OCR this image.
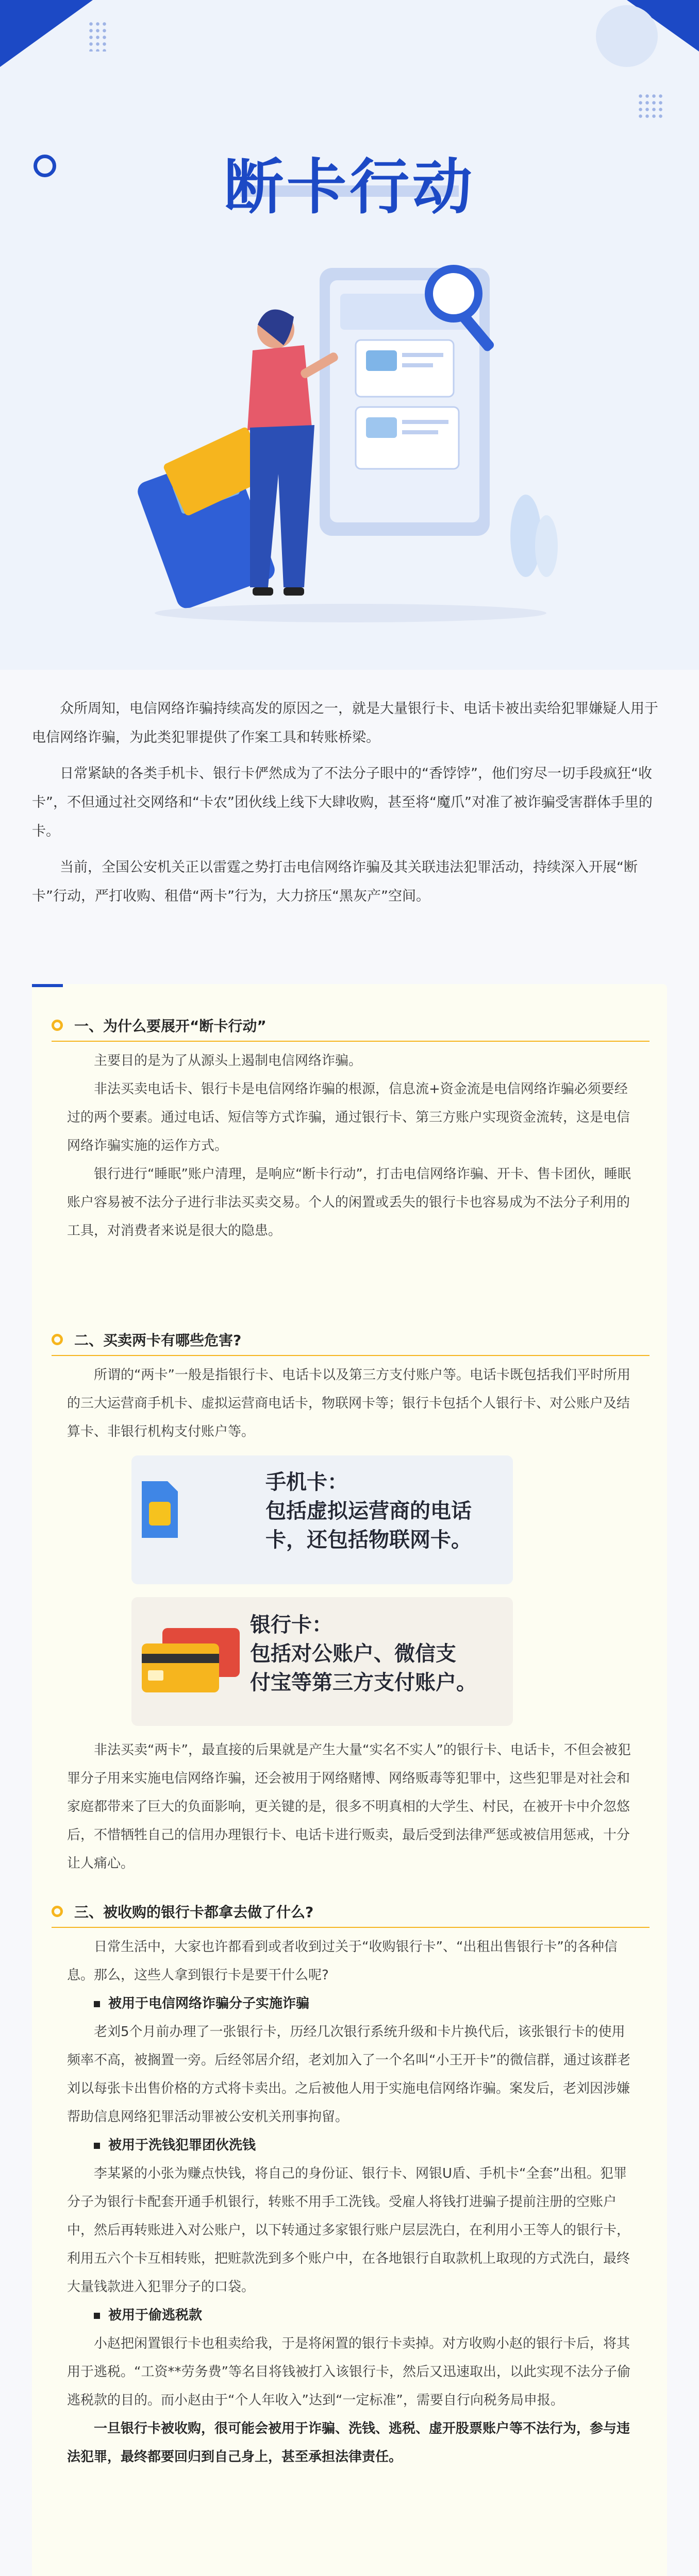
断卡行动

众所周知，电信网络诈骗持续高发的原因之一，就是大量银行卡、电话卡被出卖给犯罪嫌疑人用于电信网络诈骗，为此类犯罪提供了作案工具和转账桥梁。

日常紧缺的各类手机卡、银行卡俨然成为了不法分子眼中的“香饽饽”，他们穷尽一切手段疯狂“收卡”，不但通过社交网络和“卡农”团伙线上线下大肆收购，甚至将“魔爪”对准了被诈骗受害群体手里的卡。

当前，全国公安机关正以雷霆之势打击电信网络诈骗及其关联违法犯罪活动，持续深入开展“断卡”行动，严打收购、租借“两卡”行为，大力挤压“黑灰产”空间。

一、为什么要展开“断卡行动”

主要目的是为了从源头上遏制电信网络诈骗。

非法买卖电话卡、银行卡是电信网络诈骗的根源，信息流+资金流是电信网络诈骗必须要经过的两个要素。通过电话、短信等方式诈骗，通过银行卡、第三方账户实现资金流转，这是电信网络诈骗实施的运作方式。

银行进行“睡眠”账户清理，是响应“断卡行动”，打击电信网络诈骗、开卡、售卡团伙，睡眠账户容易被不法分子进行非法买卖交易。个人的闲置或丢失的银行卡也容易成为不法分子利用的工具，对消费者来说是很大的隐患。

二、买卖两卡有哪些危害?

所谓的“两卡”一般是指银行卡、电话卡以及第三方支付账户等。电话卡既包括我们平时所用的三大运营商手机卡、虚拟运营商电话卡，物联网卡等；银行卡包括个人银行卡、对公账户及结算卡、非银行机构支付账户等。

手机卡：
包括虚拟运营商的电话
卡，还包括物联网卡。
银行卡：
包括对公账户、微信支
付宝等第三方支付账户。

非法买卖“两卡”，最直接的后果就是产生大量“实名不实人”的银行卡、电话卡，不但会被犯罪分子用来实施电信网络诈骗，还会被用于网络赌博、网络贩毒等犯罪中，这些犯罪是对社会和家庭都带来了巨大的负面影响，更关键的是，很多不明真相的大学生、村民，在被开卡中介忽悠后，不惜牺牲自己的信用办理银行卡、电话卡进行贩卖，最后受到法律严惩或被信用惩戒，十分让人痛心。

三、被收购的银行卡都拿去做了什么?

日常生活中，大家也许都看到或者收到过关于“收购银行卡”、“出租出售银行卡”的各种信息。那么，这些人拿到银行卡是要干什么呢?

被用于电信网络诈骗分子实施诈骗

老刘5个月前办理了一张银行卡，历经几次银行系统升级和卡片换代后，该张银行卡的使用频率不高，被搁置一旁。后经邻居介绍，老刘加入了一个名叫“小王开卡”的微信群，通过该群老刘以每张卡出售价格的方式将卡卖出。之后被他人用于实施电信网络诈骗。案发后，老刘因涉嫌帮助信息网络犯罪活动罪被公安机关刑事拘留。

被用于洗钱犯罪团伙洗钱

李某紧的小张为赚点快钱，将自己的身份证、银行卡、网银U盾、手机卡“全套”出租。犯罪分子为银行卡配套开通手机银行，转账不用手工洗钱。受雇人将钱打进骗子提前注册的空账户中，然后再转账进入对公账户，以下转通过多家银行账户层层洗白，在利用小王等人的银行卡，利用五六个卡互相转账，把赃款洗到多个账户中，在各地银行自取款机上取现的方式洗白，最终大量钱款进入犯罪分子的口袋。

被用于偷逃税款

小赵把闲置银行卡也租卖给我，于是将闲置的银行卡卖掉。对方收购小赵的银行卡后，将其用于逃税。“工资**劳务费”等名目将钱被打入该银行卡，然后又迅速取出，以此实现不法分子偷逃税款的目的。而小赵由于“个人年收入”达到“一定标准”，需要自行向税务局申报。

一旦银行卡被收购，很可能会被用于诈骗、洗钱、逃税、虚开股票账户等不法行为，参与违法犯罪，最终都要回归到自己身上，甚至承担法律责任。
